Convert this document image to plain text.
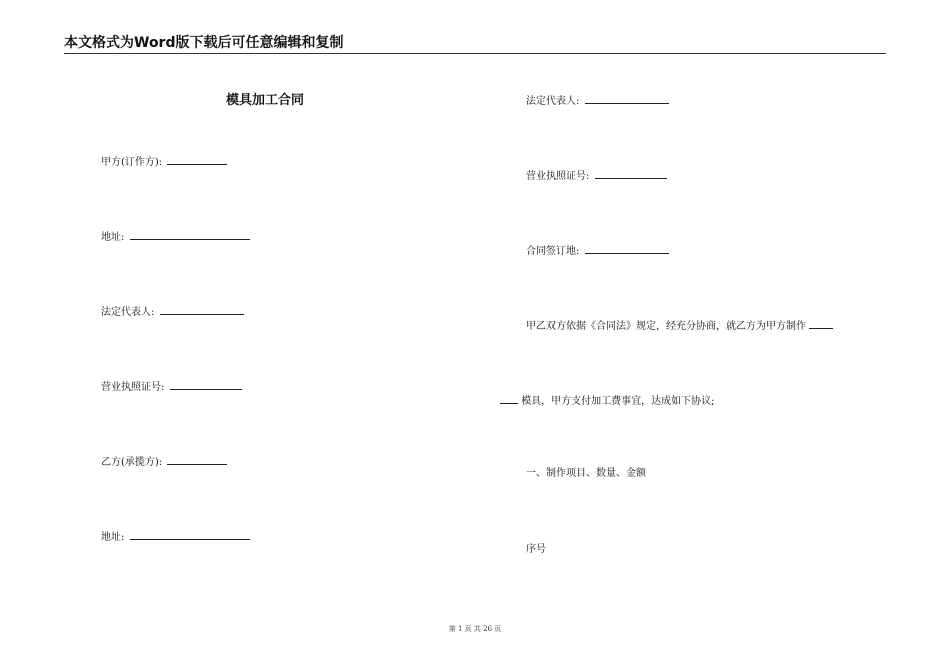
本文格式为Word版下载后可任意编辑和复制
模具加工合同
甲方(订作方):
地址:
法定代表人:
营业执照证号:
乙方(承揽方):
地址:
法定代表人:
营业执照证号:
合同签订地:
甲乙双方依据《合同法》规定，经充分协商，就乙方为甲方制作
模具，甲方支付加工费事宜，达成如下协议;
一、制作项目、数量、金额
序号
第 1 页 共 26 页
